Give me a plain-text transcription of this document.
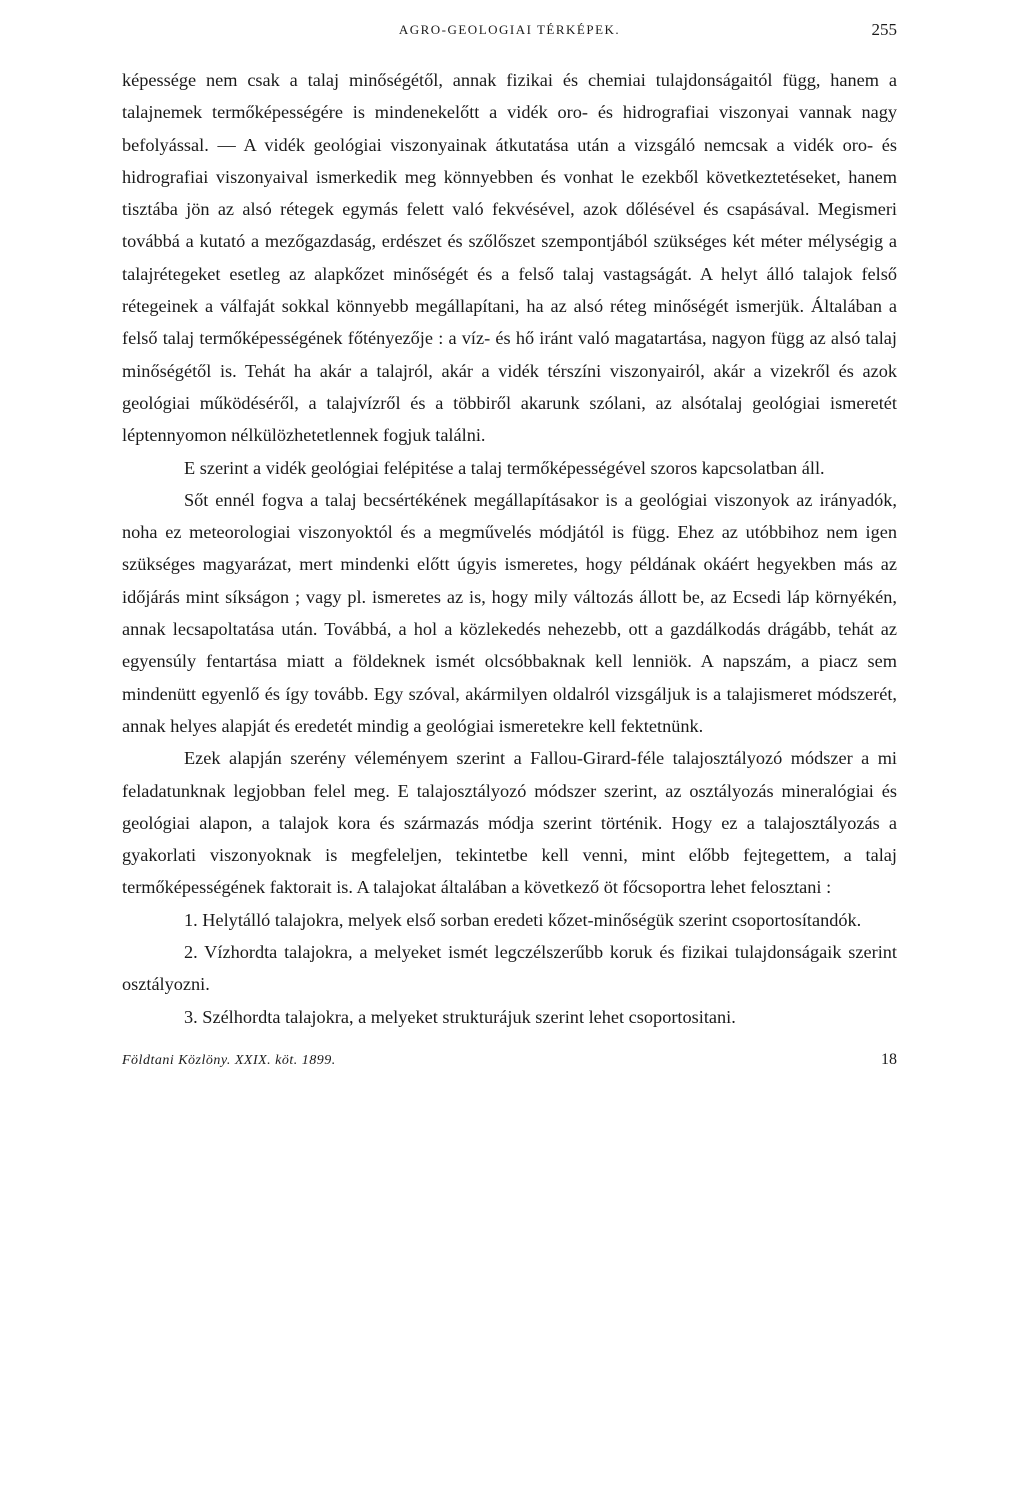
AGRO-GEOLOGIAI TÉRKÉPEK.	255

képessége nem csak a talaj minőségétől, annak fizikai és chemiai tulajdonságaitól függ, hanem a talajnemek termőképességére is mindenekelőtt a vidék oro- és hidrografiai viszonyai vannak nagy befolyással. — A vidék geológiai viszonyainak átkutatása után a vizsgáló nemcsak a vidék oro- és hidrografiai viszonyaival ismerkedik meg könnyebben és vonhat le ezekből következtetéseket, hanem tisztába jön az alsó rétegek egymás felett való fekvésével, azok dőlésével és csapásával. Megismeri továbbá a kutató a mezőgazdaság, erdészet és szőlőszet szempontjából szükséges két méter mélységig a talajrétegeket esetleg az alapkőzet minőségét és a felső talaj vastagságát. A helyt álló talajok felső rétegeinek a válfaját sokkal könnyebb megállapítani, ha az alsó réteg minőségét ismerjük. Általában a felső talaj termőképességének főtényezője : a víz- és hő iránt való magatartása, nagyon függ az alsó talaj minőségétől is. Tehát ha akár a talajról, akár a vidék térszíni viszonyairól, akár a vizekről és azok geológiai működéséről, a talajvízről és a többiről akarunk szólani, az alsótalaj geológiai ismeretét léptennyomon nélkülözhetetlennek fogjuk találni.

E szerint a vidék geológiai felépitése a talaj termőképességével szoros kapcsolatban áll.

Sőt ennél fogva a talaj becsértékének megállapításakor is a geológiai viszonyok az irányadók, noha ez meteorologiai viszonyoktól és a megművelés módjától is függ. Ehez az utóbbihoz nem igen szükséges magyarázat, mert mindenki előtt úgyis ismeretes, hogy példának okáért hegyekben más az időjárás mint síkságon ; vagy pl. ismeretes az is, hogy mily változás állott be, az Ecsedi láp környékén, annak lecsapoltatása után. Továbbá, a hol a közlekedés nehezebb, ott a gazdálkodás drágább, tehát az egyensúly fentartása miatt a földeknek ismét olcsóbbaknak kell lenniök. A napszám, a piacz sem mindenütt egyenlő és így tovább. Egy szóval, akármilyen oldalról vizsgáljuk is a talajismeret módszerét, annak helyes alapját és eredetét mindig a geológiai ismeretekre kell fektetnünk.

Ezek alapján szerény véleményem szerint a Fallou-Girard-féle talajosztályozó módszer a mi feladatunknak legjobban felel meg. E talajosztályozó módszer szerint, az osztályozás mineralógiai és geológiai alapon, a talajok kora és származás módja szerint történik. Hogy ez a talajosztályozás a gyakorlati viszonyoknak is megfeleljen, tekintetbe kell venni, mint előbb fejtegettem, a talaj termőképességének faktorait is. A talajokat általában a következő öt főcsoportra lehet felosztani :

1. Helytálló talajokra, melyek első sorban eredeti kőzet-minőségük szerint csoportosítandók.

2. Vízhordta talajokra, a melyeket ismét legczélszerűbb koruk és fizikai tulajdonságaik szerint osztályozni.

3. Szélhordta talajokra, a melyeket strukturájuk szerint lehet csoportositani.

Földtani Közlöny. XXIX. köt. 1899.	18
